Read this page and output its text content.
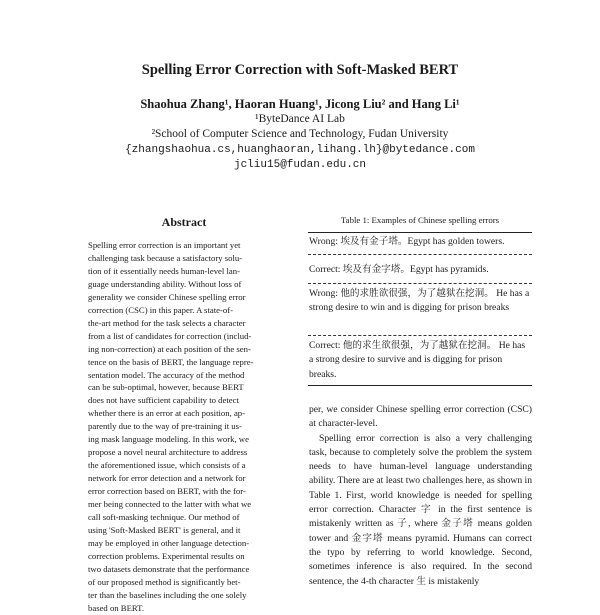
Spelling Error Correction with Soft-Masked BERT
Shaohua Zhang¹, Haoran Huang¹, Jicong Liu² and Hang Li¹
¹ByteDance AI Lab
²School of Computer Science and Technology, Fudan University
{zhangshaohua.cs,huanghaoran,lihang.lh}@bytedance.com
jcliu15@fudan.edu.cn
Abstract
Spelling error correction is an important yet
challenging task because a satisfactory solu-
tion of it essentially needs human-level lan-
guage understanding ability. Without loss of
generality we consider Chinese spelling error
correction (CSC) in this paper. A state-of-
the-art method for the task selects a character
from a list of candidates for correction (includ-
ing non-correction) at each position of the sen-
tence on the basis of BERT, the language repre-
sentation model. The accuracy of the method
can be sub-optimal, however, because BERT
does not have sufficient capability to detect
whether there is an error at each position, ap-
parently due to the way of pre-training it us-
ing mask language modeling. In this work, we
propose a novel neural architecture to address
the aforementioned issue, which consists of a
network for error detection and a network for
error correction based on BERT, with the for-
mer being connected to the latter with what we
call soft-masking technique. Our method of
using 'Soft-Masked BERT' is general, and it
may be employed in other language detection-
correction problems. Experimental results on
two datasets demonstrate that the performance
of our proposed method is significantly bet-
ter than the baselines including the one solely
based on BERT.
Table 1: Examples of Chinese spelling errors
Wrong: 埃及有金子塔。Egypt has golden towers.
Correct: 埃及有金字塔。Egypt has pyramids.
Wrong: 他的求胜欲很强，为了越狱在挖洞。 He has a strong desire to win and is digging for prison breaks
Correct: 他的求生欲很强，为了越狱在挖洞。 He has a strong desire to survive and is digging for prison breaks.

per, we consider Chinese spelling error correction (CSC) at character-level.

Spelling error correction is also a very challenging task, because to completely solve the problem the system needs to have human-level language understanding ability. There are at least two challenges here, as shown in Table 1. First, world knowledge is needed for spelling error correction. Character 字 in the first sentence is mistakenly written as 子, where 金子塔 means golden tower and 金字塔 means pyramid. Humans can correct the typo by referring to world knowledge. Second, sometimes inference is also required. In the second sentence, the 4-th character 生 is mistakenly
